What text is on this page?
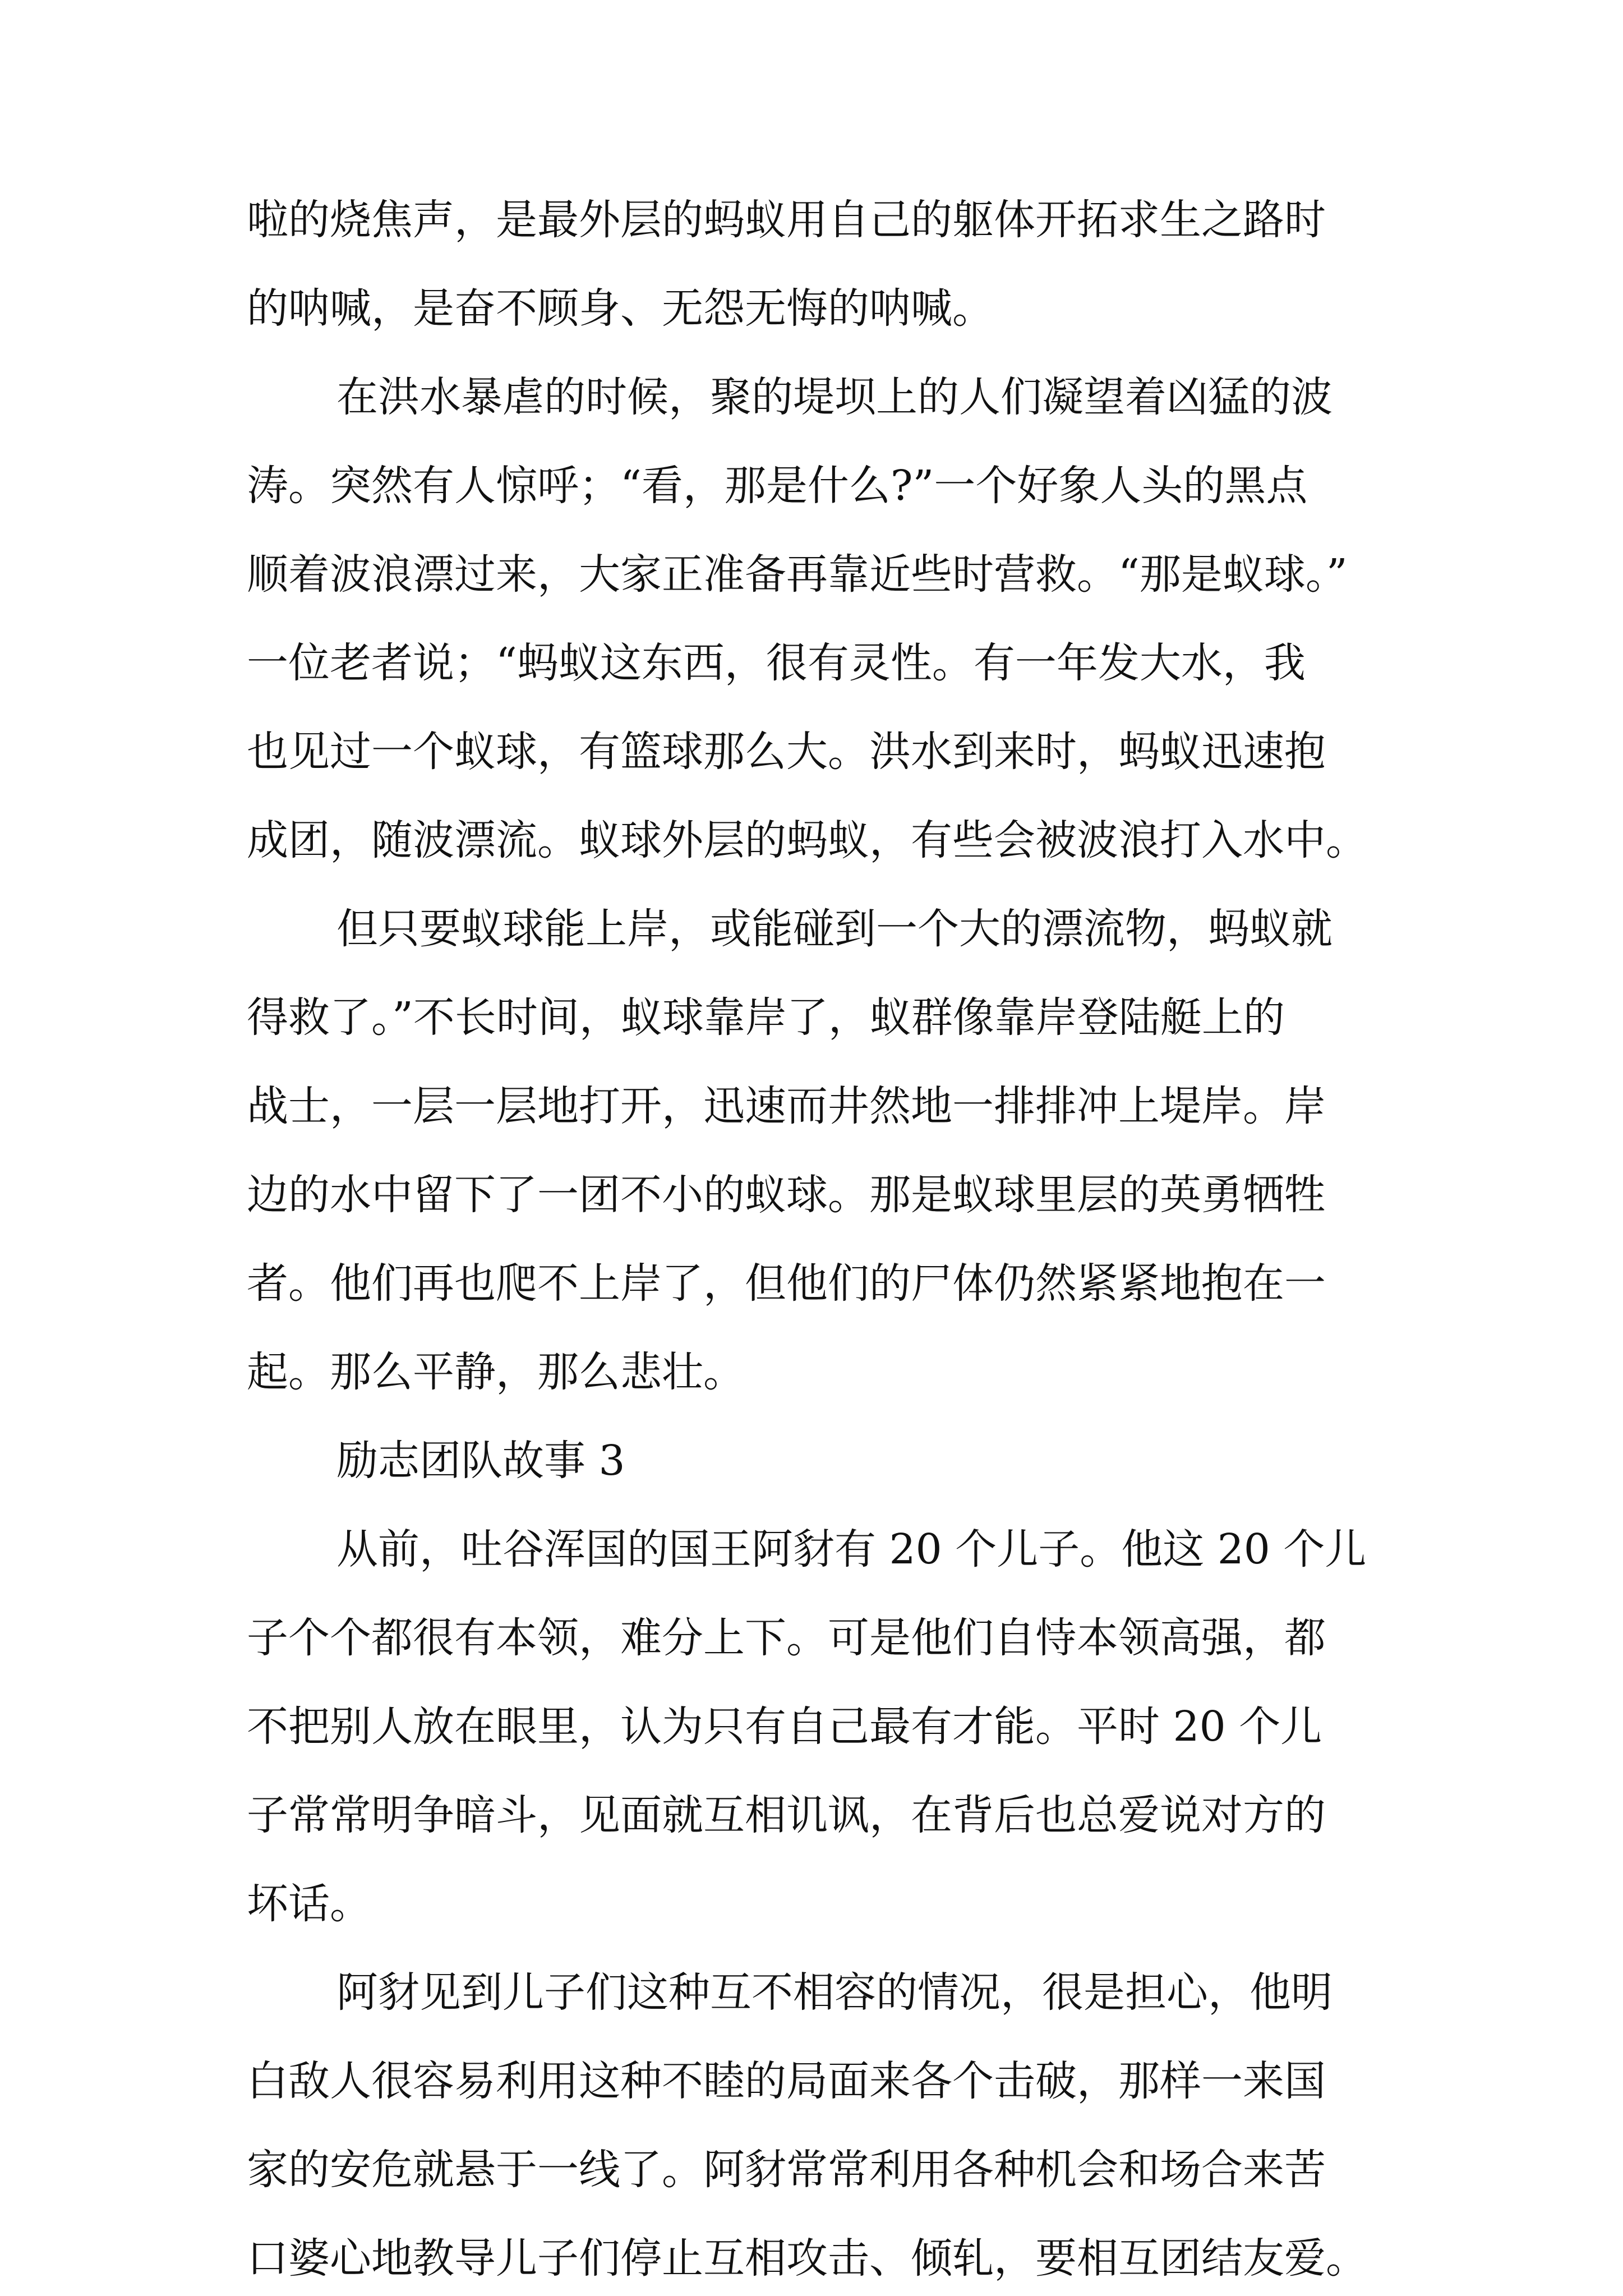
啦的烧焦声，是最外层的蚂蚁用自己的躯体开拓求生之路时
的呐喊，是奋不顾身、无怨无悔的呐喊。
在洪水暴虐的时候，聚的堤坝上的人们凝望着凶猛的波
涛。突然有人惊呼；“看，那是什么?”一个好象人头的黑点
顺着波浪漂过来，大家正准备再靠近些时营救。“那是蚁球。”
一位老者说；“蚂蚁这东西，很有灵性。有一年发大水，我
也见过一个蚁球，有篮球那么大。洪水到来时，蚂蚁迅速抱
成团，随波漂流。蚁球外层的蚂蚁，有些会被波浪打入水中。
但只要蚁球能上岸，或能碰到一个大的漂流物，蚂蚁就
得救了。”不长时间，蚁球靠岸了，蚁群像靠岸登陆艇上的
战士，一层一层地打开，迅速而井然地一排排冲上堤岸。岸
边的水中留下了一团不小的蚁球。那是蚁球里层的英勇牺牲
者。他们再也爬不上岸了，但他们的尸体仍然紧紧地抱在一
起。那么平静，那么悲壮。
励志团队故事 3
从前，吐谷浑国的国王阿豺有 20 个儿子。他这 20 个儿
子个个都很有本领，难分上下。可是他们自恃本领高强，都
不把别人放在眼里，认为只有自己最有才能。平时 20 个儿
子常常明争暗斗，见面就互相讥讽，在背后也总爱说对方的
坏话。
阿豺见到儿子们这种互不相容的情况，很是担心，他明
白敌人很容易利用这种不睦的局面来各个击破，那样一来国
家的安危就悬于一线了。阿豺常常利用各种机会和场合来苦
口婆心地教导儿子们停止互相攻击、倾轧，要相互团结友爱。
